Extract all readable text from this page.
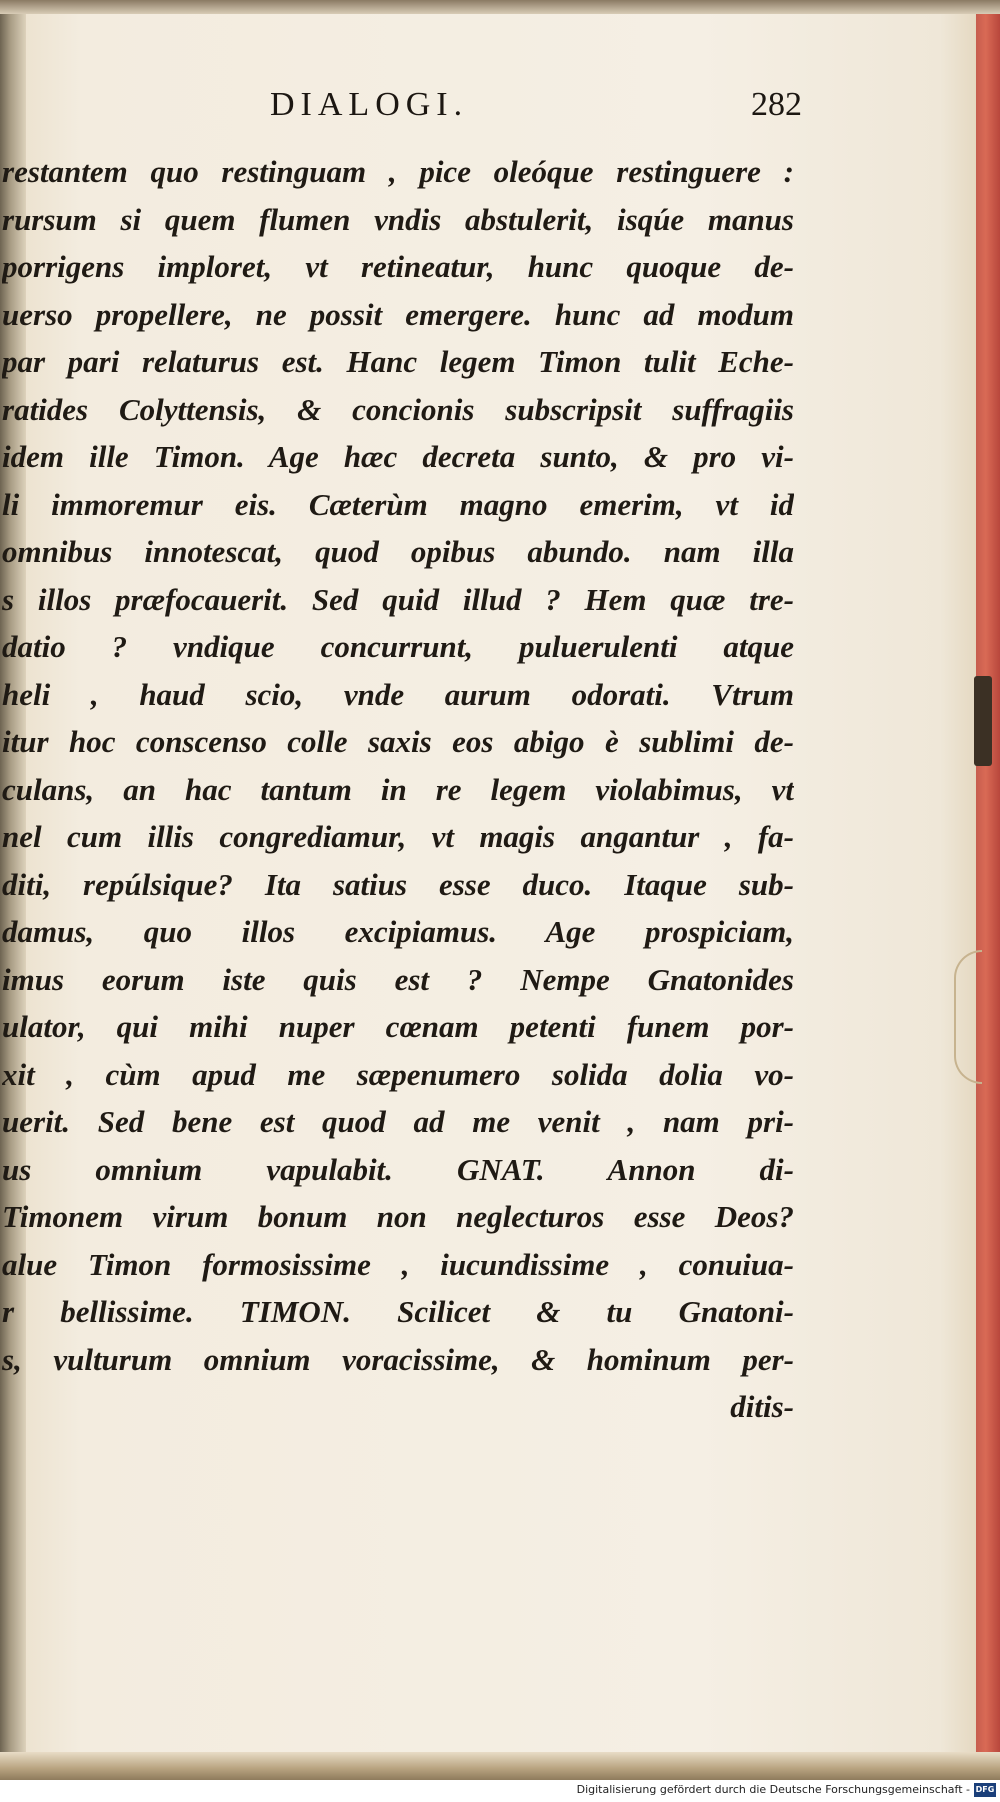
DIALOGI.	282
restantem quo restinguam , pice oleóque restinguere :
rursum si quem flumen vndis abstulerit, isqúe manus
porrigens imploret, vt retineatur, hunc quoque de-
uerso propellere, ne possit emergere. hunc ad modum
par pari relaturus est. Hanc legem Timon tulit Eche-
ratides Colyttensis, & concionis subscripsit suffragiis
idem ille Timon. Age hæc decreta sunto, & pro vi-
li immoremur eis. Cæterùm magno emerim, vt id
omnibus innotescat, quod opibus abundo. nam illa
s illos præfocauerit. Sed quid illud ? Hem quæ tre-
datio ? vndique concurrunt, puluerulenti atque
heli , haud scio, vnde aurum odorati. Vtrum
itur hoc conscenso colle saxis eos abigo è sublimi de-
culans, an hac tantum in re legem violabimus, vt
nel cum illis congrediamur, vt magis angantur , fa-
diti, repúlsique? Ita satius esse duco. Itaque sub-
damus, quo illos excipiamus. Age prospiciam,
imus eorum iste quis est ? Nempe Gnatonides
ulator, qui mihi nuper cœnam petenti funem por-
xit , cùm apud me sæpenumero solida dolia vo-
uerit. Sed bene est quod ad me venit , nam pri-
us omnium vapulabit. GNAT. Annon di-
Timonem virum bonum non neglecturos esse Deos?
alue Timon formosissime , iucundissime , conuiua-
r bellissime. TIMON. Scilicet & tu Gnatoni-
s, vulturum omnium voracissime, & hominum per-
ditis-
Digitalisierung gefördert durch die Deutsche Forschungsgemeinschaft - DFG
